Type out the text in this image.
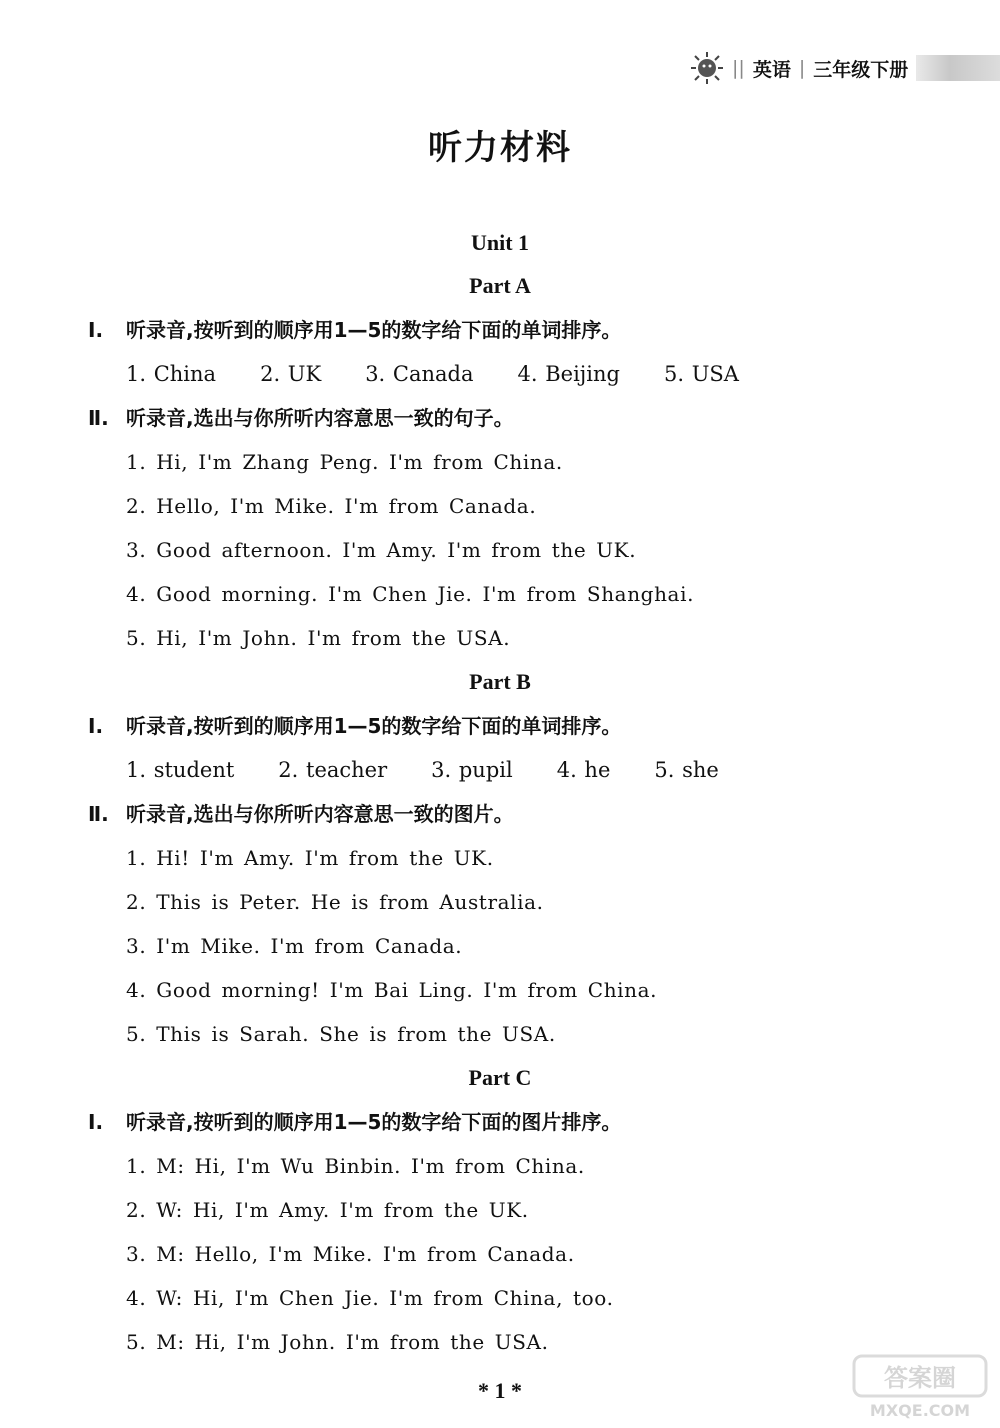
|| 英语 | 三年级下册
听力材料
Unit 1
Part A
Ⅰ.	听录音,按听到的顺序用1—5的数字给下面的单词排序。
1. China 2. UK 3. Canada 4. Beijing 5. USA
Ⅱ. 听录音,选出与你所听内容意思一致的句子。
1. Hi, I'm Zhang Peng. I'm from China.
2. Hello, I'm Mike. I'm from Canada.
3. Good afternoon. I'm Amy. I'm from the UK.
4. Good morning. I'm Chen Jie. I'm from Shanghai.
5. Hi, I'm John. I'm from the USA.
Part B
Ⅰ.	听录音,按听到的顺序用1—5的数字给下面的单词排序。
1. student 2. teacher 3. pupil 4. he 5. she
Ⅱ. 听录音,选出与你所听内容意思一致的图片。
1. Hi! I'm Amy. I'm from the UK.
2. This is Peter. He is from Australia.
3. I'm Mike. I'm from Canada.
4. Good morning! I'm Bai Ling. I'm from China.
5. This is Sarah. She is from the USA.
Part C
Ⅰ.	听录音,按听到的顺序用1—5的数字给下面的图片排序。
1. M: Hi, I'm Wu Binbin. I'm from China.
2. W: Hi, I'm Amy. I'm from the UK.
3. M: Hello, I'm Mike. I'm from Canada.
4. W: Hi, I'm Chen Jie. I'm from China, too.
5. M: Hi, I'm John. I'm from the USA.
* 1 *	答案圈
MXQE.COM
